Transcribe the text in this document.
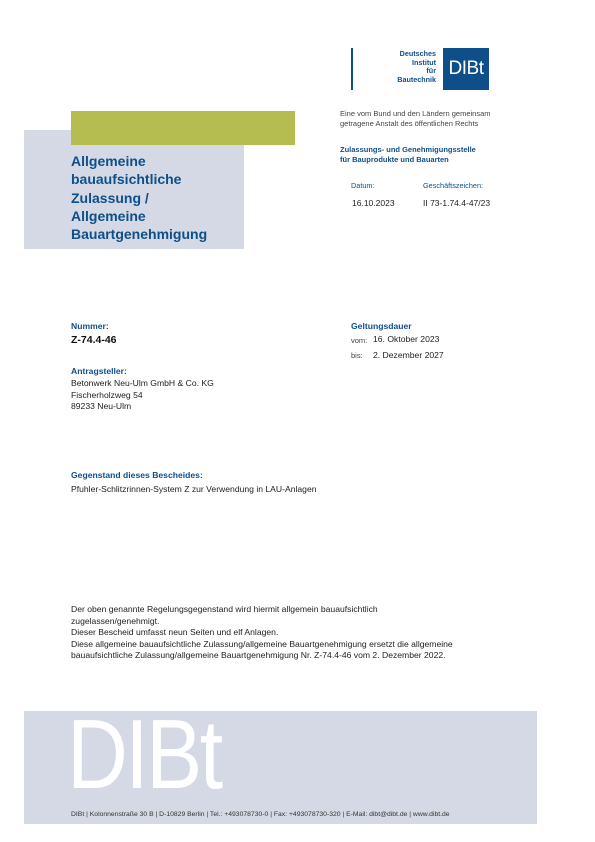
Deutsches
Institut
für
Bautechnik
DIBt
Eine vom Bund und den Ländern gemeinsam
getragene Anstalt des öffentlichen Rechts
Zulassungs- und Genehmigungsstelle
für Bauprodukte und Bauarten
Datum:
16.10.2023
Geschäftszeichen:
II 73-1.74.4-47/23
Allgemeine
bauaufsichtliche
Zulassung /
Allgemeine
Bauartgenehmigung
Nummer:
Z-74.4-46
Geltungsdauer
vom: 16. Oktober 2023
bis: 2. Dezember 2027
Antragsteller:
Betonwerk Neu-Ulm GmbH & Co. KG
Fischerholzweg 54
89233 Neu-Ulm
Gegenstand dieses Bescheides:
Pfuhler-Schlitzrinnen-System Z zur Verwendung in LAU-Anlagen
Der oben genannte Regelungsgegenstand wird hiermit allgemein bauaufsichtlich
zugelassen/genehmigt.
Dieser Bescheid umfasst neun Seiten und elf Anlagen.
Diese allgemeine bauaufsichtliche Zulassung/allgemeine Bauartgenehmigung ersetzt die allgemeine
bauaufsichtliche Zulassung/allgemeine Bauartgenehmigung Nr. Z-74.4-46 vom 2. Dezember 2022.
DIBt
DIBt | Kolonnenstraße 30 B | D-10829 Berlin | Tel.: +493078730-0 | Fax: +493078730-320 | E-Mail: dibt@dibt.de | www.dibt.de
